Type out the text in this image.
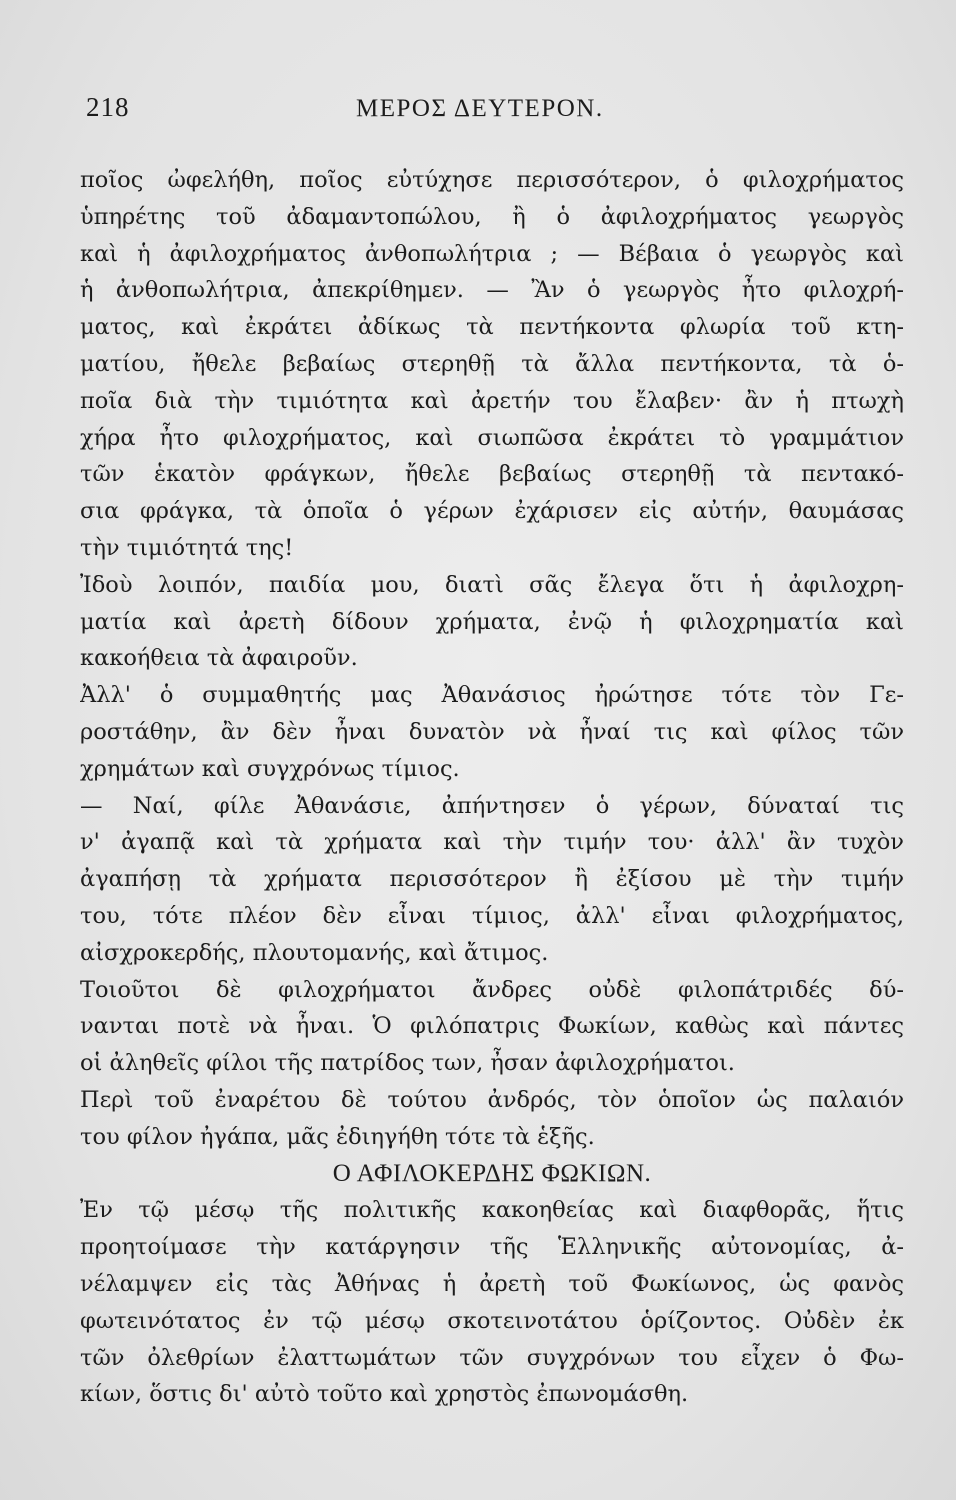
218	ΜΕΡΟΣ ΔΕΥΤΕΡΟΝ.
ποῖος ὠφελήθη, ποῖος εὐτύχησε περισσότερον, ὁ φιλοχρήματος
ὑπηρέτης τοῦ ἀδαμαντοπώλου, ἢ ὁ ἀφιλοχρήματος γεωργὸς
καὶ ἡ ἀφιλοχρήματος ἀνθοπωλήτρια ; — Βέβαια ὁ γεωργὸς καὶ
ἡ ἀνθοπωλήτρια, ἀπεκρίθημεν. — Ἂν ὁ γεωργὸς ἦτο φιλοχρή-
ματος, καὶ ἐκράτει ἀδίκως τὰ πεντήκοντα φλωρία τοῦ κτη-
ματίου, ἤθελε βεβαίως στερηθῇ τὰ ἄλλα πεντήκοντα, τὰ ὁ-
ποῖα διὰ τὴν τιμιότητα καὶ ἀρετήν του ἔλαβεν· ἂν ἡ πτωχὴ
χήρα ἦτο φιλοχρήματος, καὶ σιωπῶσα ἐκράτει τὸ γραμμάτιον
τῶν ἑκατὸν φράγκων, ἤθελε βεβαίως στερηθῇ τὰ πεντακό-
σια φράγκα, τὰ ὁποῖα ὁ γέρων ἐχάρισεν εἰς αὐτήν, θαυμάσας
τὴν τιμιότητά της!
Ἰδοὺ λοιπόν, παιδία μου, διατὶ σᾶς ἔλεγα ὅτι ἡ ἀφιλοχρη-
ματία καὶ ἀρετὴ δίδουν χρήματα, ἐνῷ ἡ φιλοχρηματία καὶ
κακοήθεια τὰ ἀφαιροῦν.
Ἀλλ' ὁ συμμαθητής μας Ἀθανάσιος ἠρώτησε τότε τὸν Γε-
ροστάθην, ἂν δὲν ἦναι δυνατὸν νὰ ἦναί τις καὶ φίλος τῶν
χρημάτων καὶ συγχρόνως τίμιος.
— Ναί, φίλε Ἀθανάσιε, ἀπήντησεν ὁ γέρων, δύναταί τις
ν' ἀγαπᾷ καὶ τὰ χρήματα καὶ τὴν τιμήν του· ἀλλ' ἂν τυχὸν
ἀγαπήσῃ τὰ χρήματα περισσότερον ἢ ἐξίσου μὲ τὴν τιμήν
του, τότε πλέον δὲν εἶναι τίμιος, ἀλλ' εἶναι φιλοχρήματος,
αἰσχροκερδής, πλουτομανής, καὶ ἄτιμος.
Τοιοῦτοι δὲ φιλοχρήματοι ἄνδρες οὐδὲ φιλοπάτριδές δύ-
νανται ποτὲ νὰ ἦναι. Ὁ φιλόπατρις Φωκίων, καθὼς καὶ πάντες
οἱ ἀληθεῖς φίλοι τῆς πατρίδος των, ἦσαν ἀφιλοχρήματοι.
Περὶ τοῦ ἐναρέτου δὲ τούτου ἀνδρός, τὸν ὁποῖον ὡς παλαιόν
του φίλον ἠγάπα, μᾶς ἐδιηγήθη τότε τὰ ἑξῆς.
Ο ΑΦΙΛΟΚΕΡΔΗΣ ΦΩΚΙΩΝ.
Ἐν τῷ μέσῳ τῆς πολιτικῆς κακοηθείας καὶ διαφθορᾶς, ἥτις
προητοίμασε τὴν κατάργησιν τῆς Ἑλληνικῆς αὐτονομίας, ἀ-
νέλαμψεν εἰς τὰς Ἀθήνας ἡ ἀρετὴ τοῦ Φωκίωνος, ὡς φανὸς
φωτεινότατος ἐν τῷ μέσῳ σκοτεινοτάτου ὁρίζοντος. Οὐδὲν ἐκ
τῶν ὀλεθρίων ἐλαττωμάτων τῶν συγχρόνων του εἶχεν ὁ Φω-
κίων, ὅστις δι' αὐτὸ τοῦτο καὶ χρηστὸς ἐπωνομάσθη.
